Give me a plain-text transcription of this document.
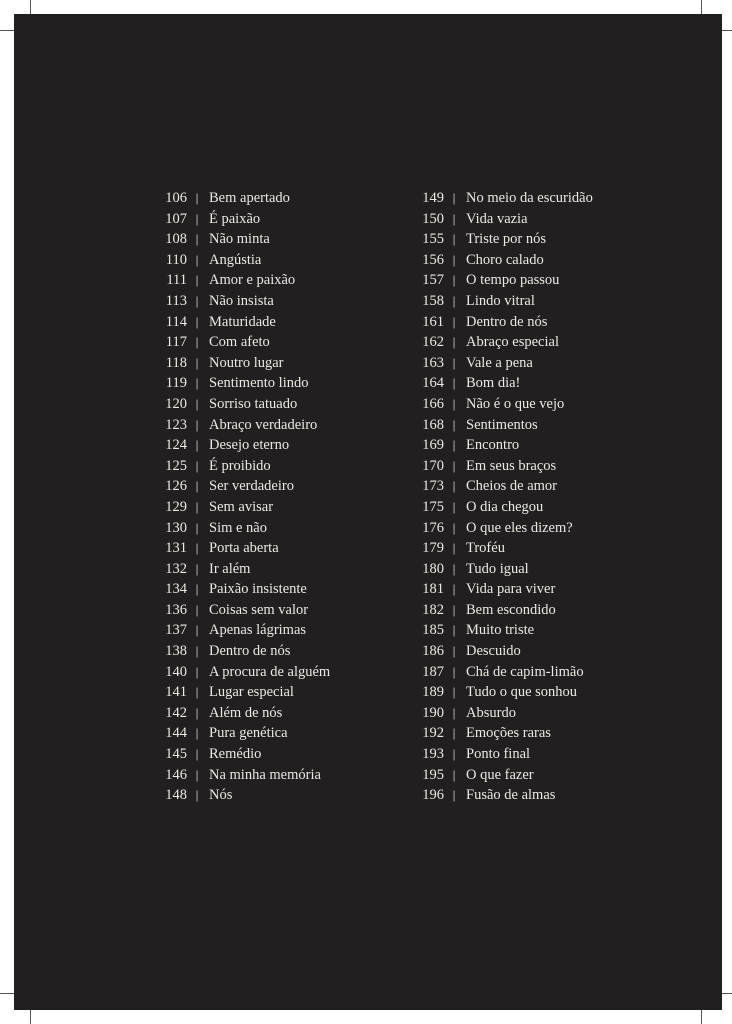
106 | Bem apertado
107 | É paixão
108 | Não minta
110 | Angústia
111 | Amor e paixão
113 | Não insista
114 | Maturidade
117 | Com afeto
118 | Noutro lugar
119 | Sentimento lindo
120 | Sorriso tatuado
123 | Abraço verdadeiro
124 | Desejo eterno
125 | É proibido
126 | Ser verdadeiro
129 | Sem avisar
130 | Sim e não
131 | Porta aberta
132 | Ir além
134 | Paixão insistente
136 | Coisas sem valor
137 | Apenas lágrimas
138 | Dentro de nós
140 | A procura de alguém
141 | Lugar especial
142 | Além de nós
144 | Pura genética
145 | Remédio
146 | Na minha memória
148 | Nós
149 | No meio da escuridão
150 | Vida vazia
155 | Triste por nós
156 | Choro calado
157 | O tempo passou
158 | Lindo vitral
161 | Dentro de nós
162 | Abraço especial
163 | Vale a pena
164 | Bom dia!
166 | Não é o que vejo
168 | Sentimentos
169 | Encontro
170 | Em seus braços
173 | Cheios de amor
175 | O dia chegou
176 | O que eles dizem?
179 | Troféu
180 | Tudo igual
181 | Vida para viver
182 | Bem escondido
185 | Muito triste
186 | Descuido
187 | Chá de capim-limão
189 | Tudo o que sonhou
190 | Absurdo
192 | Emoções raras
193 | Ponto final
195 | O que fazer
196 | Fusão de almas
